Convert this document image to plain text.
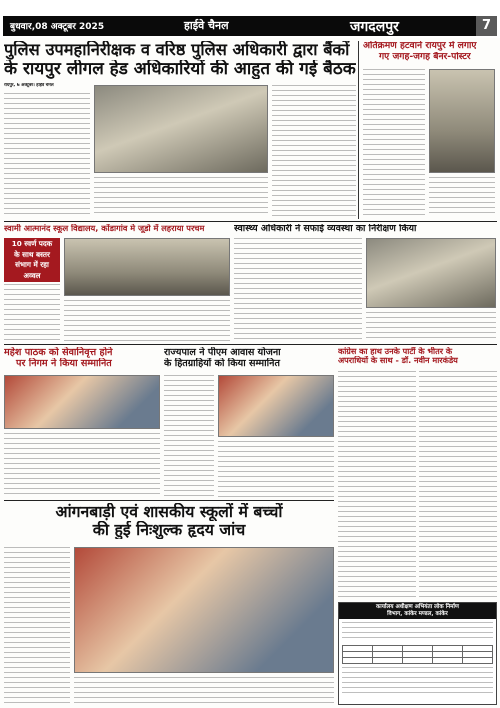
बुधवार,08 अक्टूबर 2025	हाईवे चैनल	जगदलपुर	7
पुलिस उपमहानिरीक्षक व वरिष्ठ पुलिस अधिकारी द्वारा बैंकों
के रायपुर लीगल हेड अधिकारियों की आहुत की गई बैठक
रायपुर, 6 अक्टूबर। हाईवे चैनल
अतिक्रमण हटवाने रायपुर में लगाए
गए जगह-जगह बैनर-पोस्टर
स्वामी आत्मानंद स्कूल विद्यालय, कोंडागांव मे जूडो में लहराया परचम
10 स्वर्ण पदक
के साथ बस्तर
संभाग में रहा
अव्वल
स्वास्थ्य अधिकारी ने सफाई व्यवस्था का निरीक्षण किया
महेश पाठक को सेवानिवृत्त होने
पर निगम ने किया सम्मानित
राज्यपाल ने पीएम आवास योजना
के हितग्राहियों को किया सम्मानित
कांग्रेस का हाथ उनके पार्टी के भीतर के
अपराधियों के साथ - डॉ. नवीन मारकंडेय
आंगनबाड़ी एवं शासकीय स्कूलों में बच्चों
की हुई निःशुल्क हृदय जांच
कार्यालय अधीक्षण अभियंता लोक निर्माण
विभाग, कांकेर मण्डल, कांकेर
